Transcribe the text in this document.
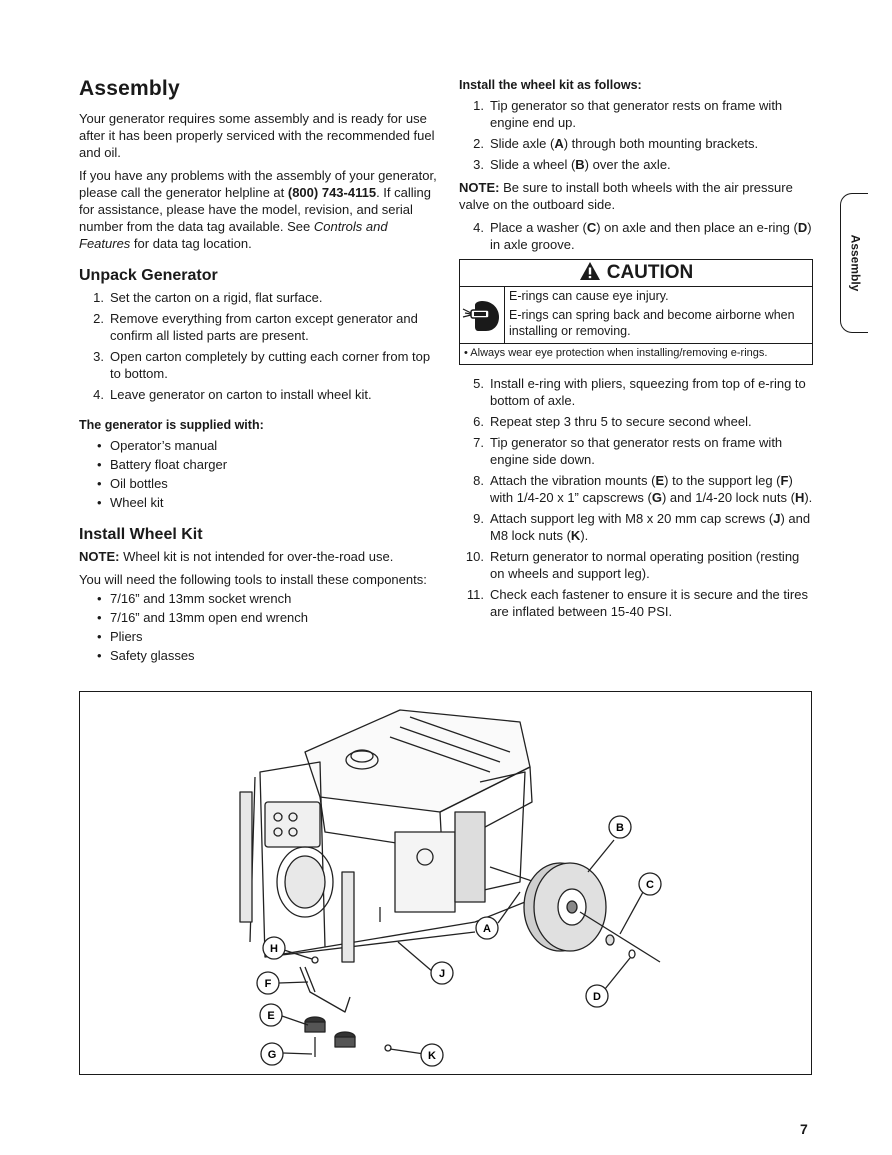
Assembly

Your generator requires some assembly and is ready for use after it has been properly serviced with the recommended fuel and oil.

If you have any problems with the assembly of your generator, please call the generator helpline at (800) 743-4115. If calling for assistance, please have the model, revision, and serial number from the data tag available. See Controls and Features for data tag location.

Unpack Generator
1. Set the carton on a rigid, flat surface.
2. Remove everything from carton except generator and confirm all listed parts are present.
3. Open carton completely by cutting each corner from top to bottom.
4. Leave generator on carton to install wheel kit.
The generator is supplied with:
• Operator’s manual
• Battery float charger
• Oil bottles
• Wheel kit
Install Wheel Kit

NOTE: Wheel kit is not intended for over-the-road use.

You will need the following tools to install these components:

• 7/16” and 13mm socket wrench
• 7/16” and 13mm open end wrench
• Pliers
• Safety glasses
Install the wheel kit as follows:
1. Tip generator so that generator rests on frame with engine end up.
2. Slide axle (A) through both mounting brackets.
3. Slide a wheel (B) over the axle.

NOTE: Be sure to install both wheels with the air pressure valve on the outboard side.

4. Place a washer (C) on axle and then place an e-ring (D) in axle groove.
CAUTION
E-rings can cause eye injury.
E-rings can spring back and become airborne when installing or removing.
• Always wear eye protection when installing/removing e-rings.
5. Install e-ring with pliers, squeezing from top of e-ring to bottom of axle.
6. Repeat step 3 thru 5 to secure second wheel.
7. Tip generator so that generator rests on frame with engine side down.
8. Attach the vibration mounts (E) to the support leg (F) with 1/4-20 x 1” capscrews (G) and 1/4-20 lock nuts (H).
9. Attach support leg with M8 x 20 mm cap screws (J) and M8 lock nuts (K).
10. Return generator to normal operating position (resting on wheels and support leg).
11. Check each fastener to ensure it is secure and the tires are inflated between 15-40 PSI.
Assembly
A
B
C
D
E
F
G
H
J
K
7
